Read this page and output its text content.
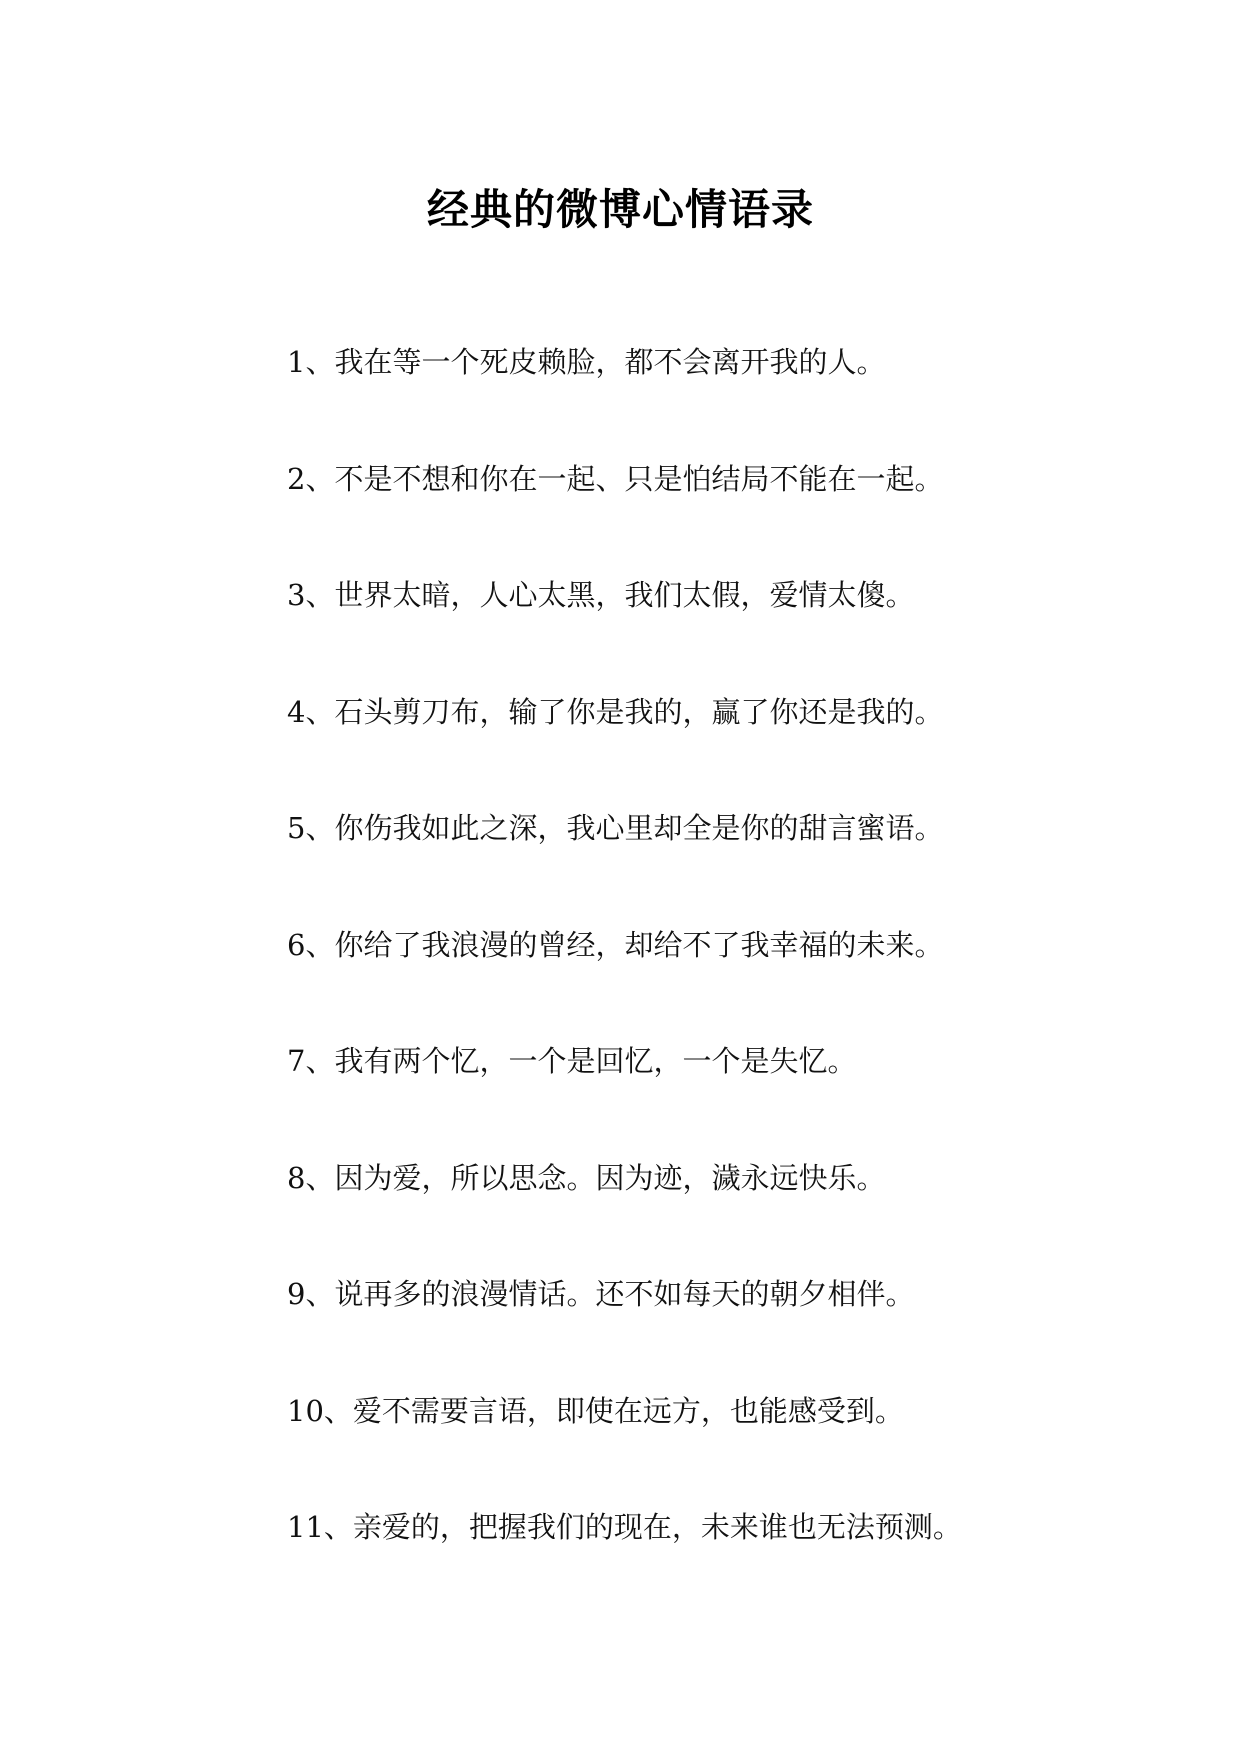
经典的微博心情语录
1、我在等一个死皮赖脸，都不会离开我的人。
2、不是不想和你在一起、只是怕结局不能在一起。
3、世界太暗，人心太黑，我们太假，爱情太傻。
4、石头剪刀布，输了你是我的，赢了你还是我的。
5、你伤我如此之深，我心里却全是你的甜言蜜语。
6、你给了我浪漫的曾经，却给不了我幸福的未来。
7、我有两个忆，一个是回忆，一个是失忆。
8、因为爱，所以思念。因为迹，濊永远快乐。
9、说再多的浪漫情话。还不如每天的朝夕相伴。
10、爱不需要言语，即使在远方，也能感受到。
11、亲爱的，把握我们的现在，未来谁也无法预测。
